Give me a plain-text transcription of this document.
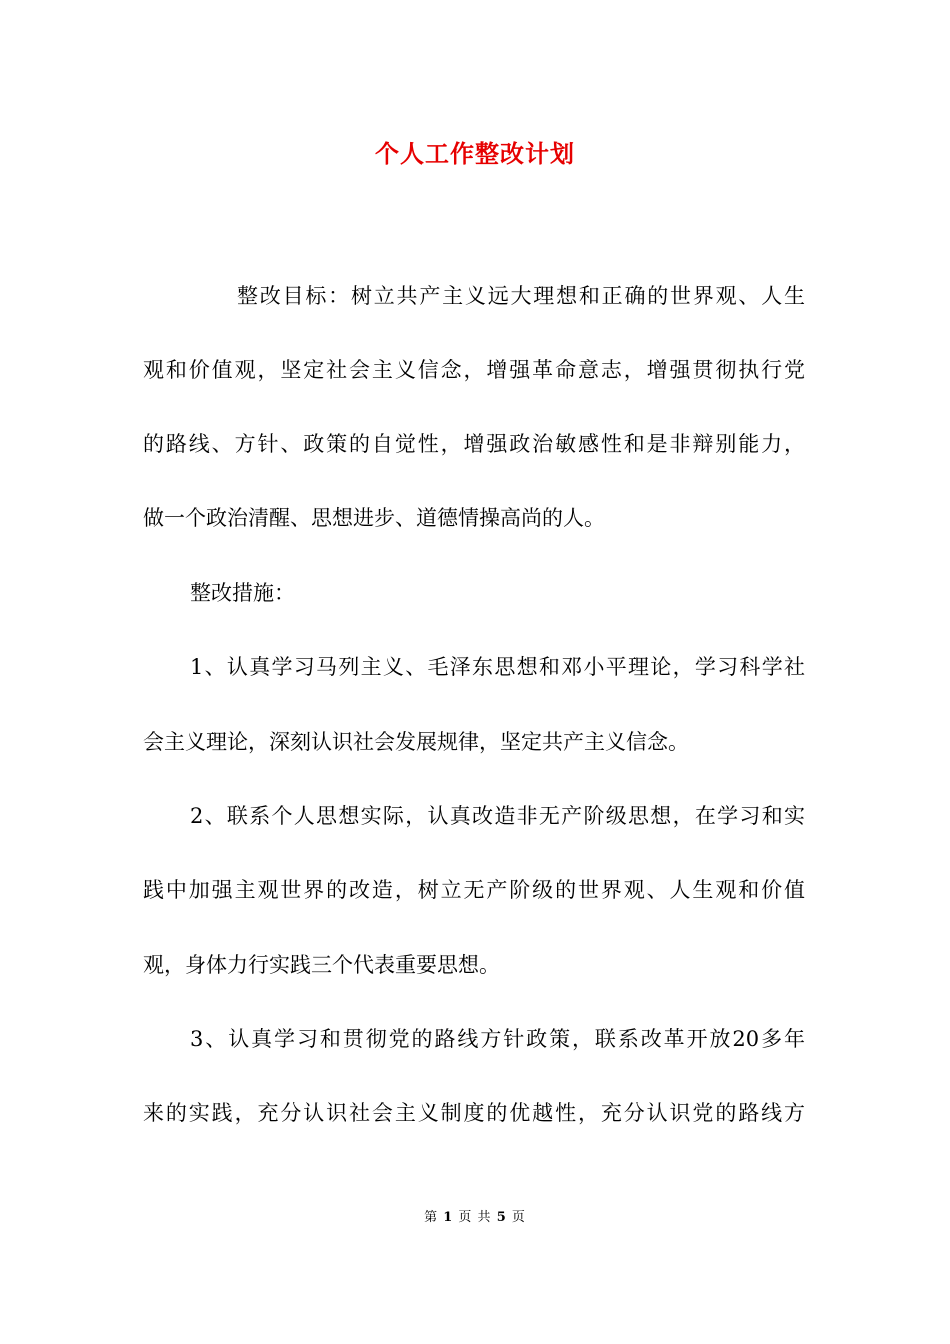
个人工作整改计划
整改目标：树立共产主义远大理想和正确的世界观、人生
观和价值观，坚定社会主义信念，增强革命意志，增强贯彻执行党
的路线、方针、政策的自觉性，增强政治敏感性和是非辩别能力，
做一个政治清醒、思想进步、道德情操高尚的人。
整改措施：
1、认真学习马列主义、毛泽东思想和邓小平理论，学习科学社
会主义理论，深刻认识社会发展规律，坚定共产主义信念。
2、联系个人思想实际，认真改造非无产阶级思想，在学习和实
践中加强主观世界的改造，树立无产阶级的世界观、人生观和价值
观，身体力行实践三个代表重要思想。
3、认真学习和贯彻党的路线方针政策，联系改革开放20多年
来的实践，充分认识社会主义制度的优越性，充分认识党的路线方
第 1 页 共 5 页
